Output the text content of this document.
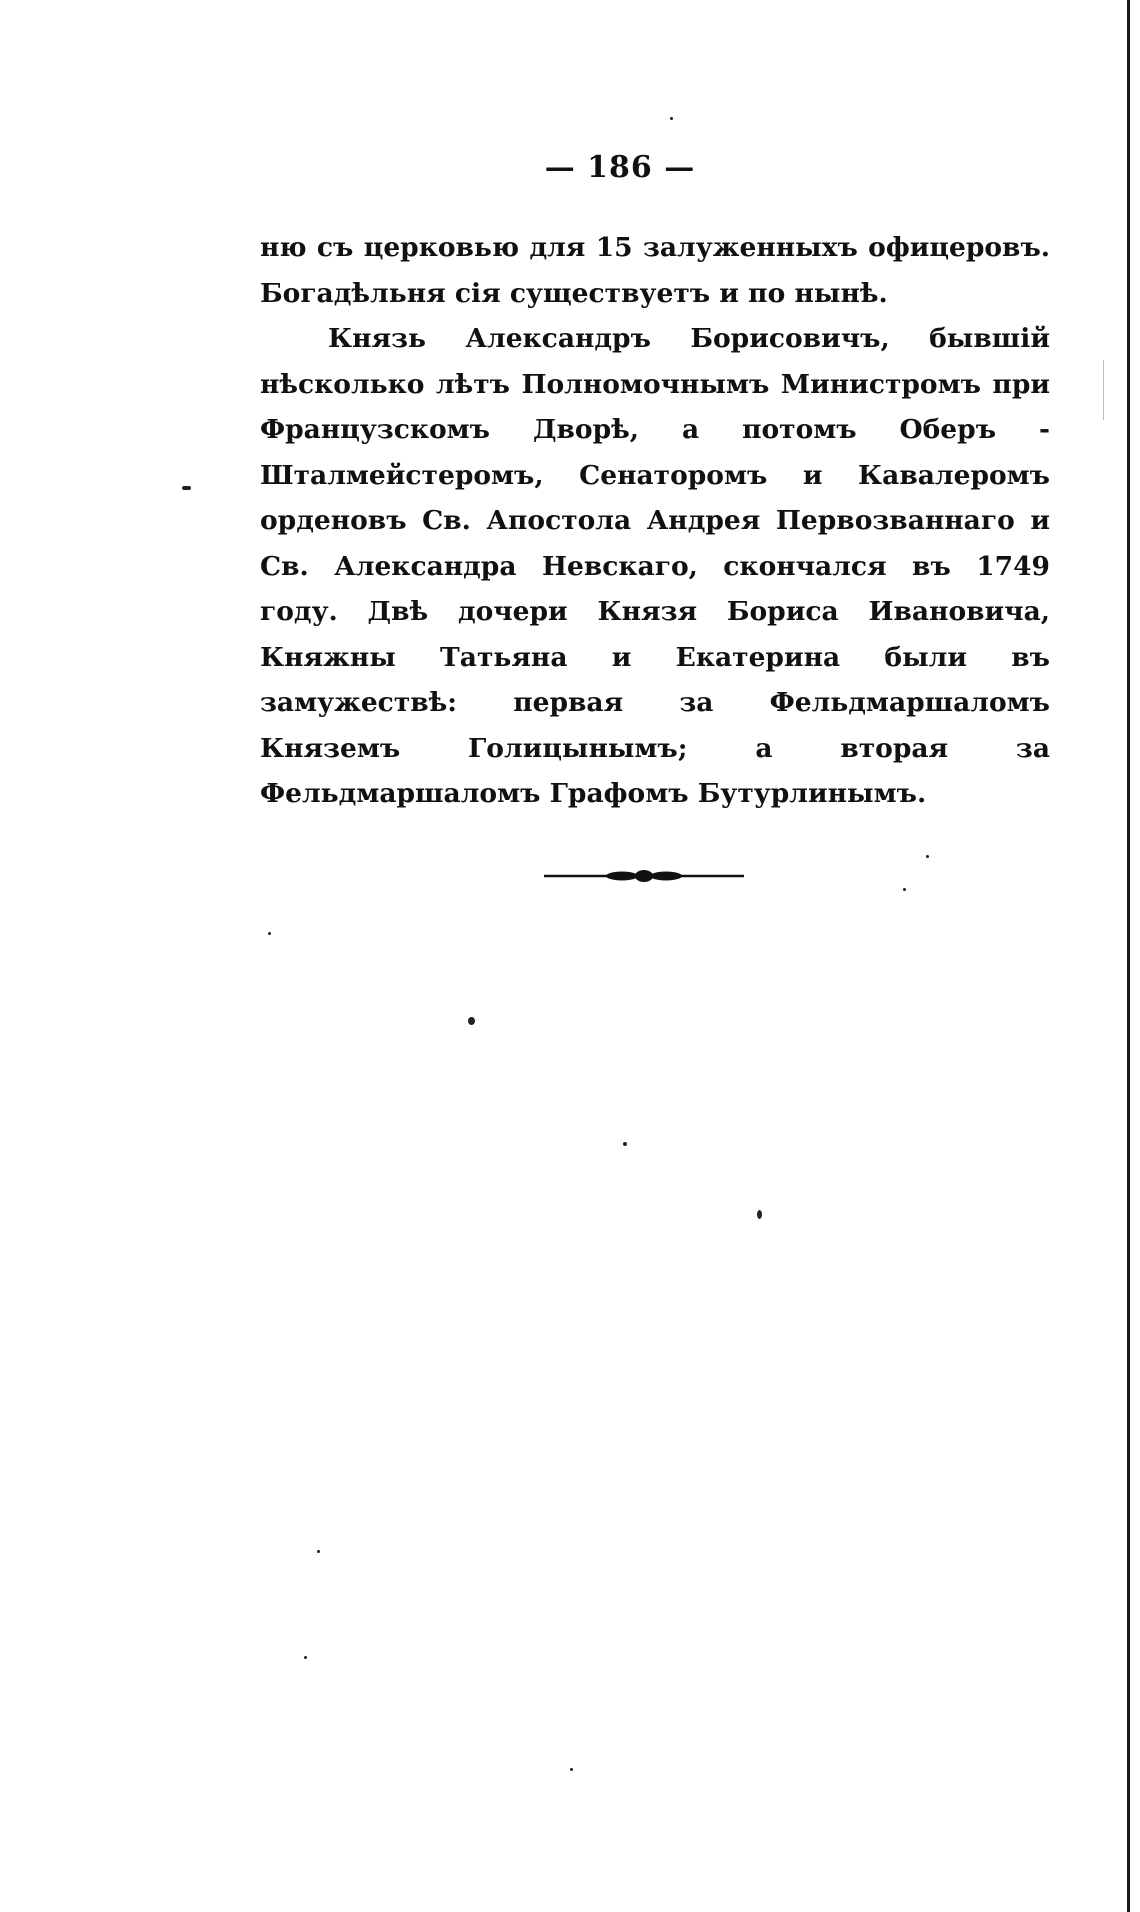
— 186 —

ню съ церковью для 15 залуженныхъ офицеровъ. Богадѣльня сія существуетъ и по нынѣ.

Князь Александръ Борисовичъ, бывшій нѣсколько лѣтъ Полномочнымъ Министромъ при Французскомъ Дворѣ, а потомъ Оберъ - Шталмейстеромъ, Сенаторомъ и Кавалеромъ орденовъ Св. Апостола Андрея Первозваннаго и Св. Александра Невскаго, скончался въ 1749 году. Двѣ дочери Князя Бориса Ивановича, Княжны Татьяна и Екатерина были въ замужествѣ: первая за Фельдмаршаломъ Княземъ Голицынымъ; а вторая за Фельдмаршаломъ Графомъ Бутурлинымъ.
